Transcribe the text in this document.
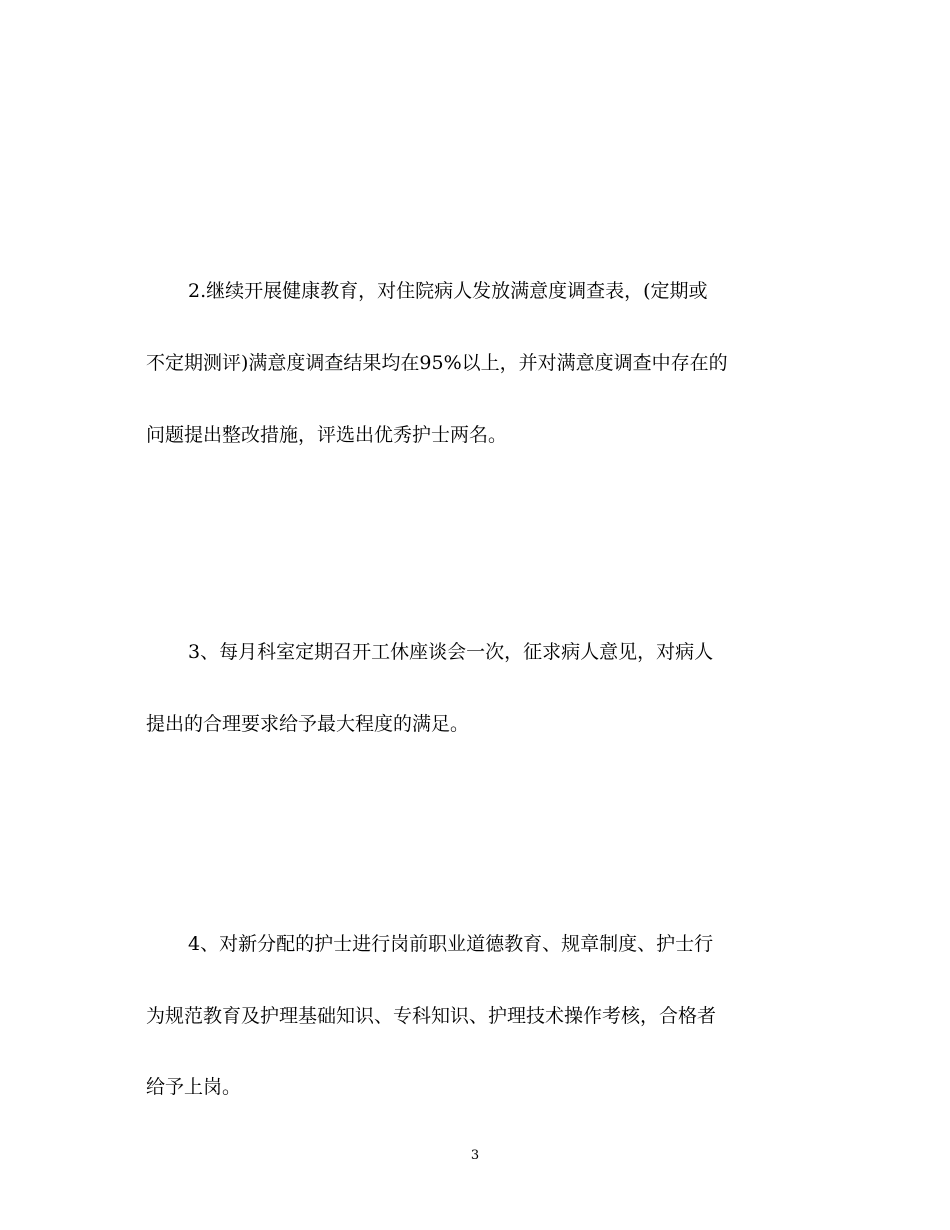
2.继续开展健康教育，对住院病人发放满意度调查表，(定期或
不定期测评)满意度调查结果均在95%以上，并对满意度调查中存在的
问题提出整改措施，评选出优秀护士两名。
3、每月科室定期召开工休座谈会一次，征求病人意见，对病人
提出的合理要求给予最大程度的满足。
4、对新分配的护士进行岗前职业道德教育、规章制度、护士行
为规范教育及护理基础知识、专科知识、护理技术操作考核，合格者
给予上岗。
3
